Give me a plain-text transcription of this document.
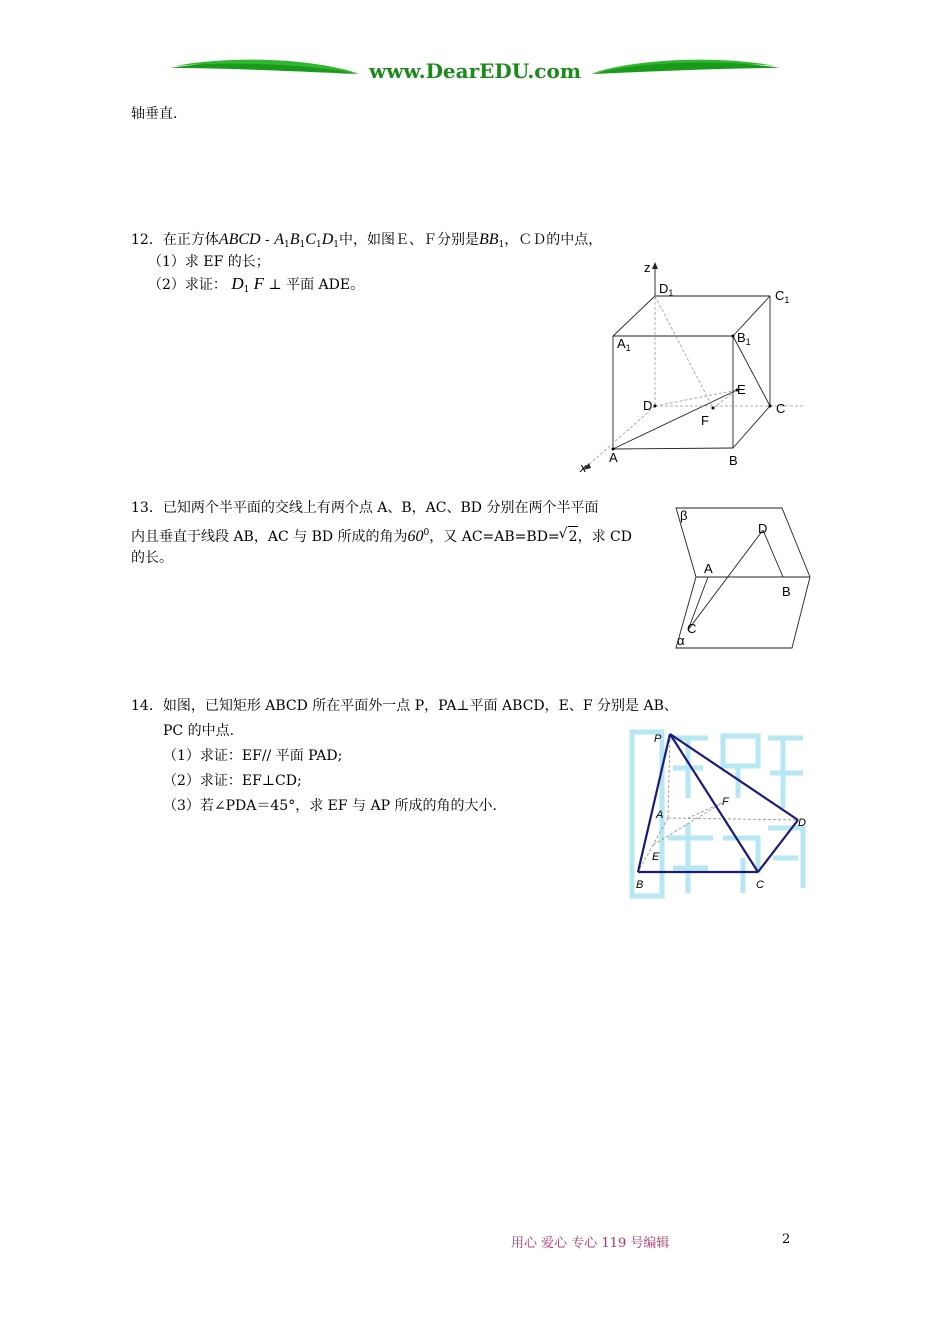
www.DearEDU.com
轴垂直.
12．在正方体ABCD - $A_1B_1C_1D_1$中，如图Ｅ、Ｆ分别是$BB_1$，ＣＤ的中点，
（1）求 EF 的长；
（2）求证： $D_1$ F ⊥ 平面 ADE。
z
$D_1$	$C_1$
$A_1$
$B_1$
E
D
F
C
A	B
x
13．已知两个半平面的交线上有两个点 A、B，AC、BD 分别在两个半平面
内且垂直于线段 AB，AC 与 BD 所成的角为$60^0$，又 AC=AB=BD= √ 2，求 CD
的长。
β
D
A
B
C
α
14．如图，已知矩形 ABCD 所在平面外一点 P，PA⊥平面 ABCD，E、F 分别是 AB、
PC 的中点.
（1）求证：EF// 平面 PAD;
（2）求证：EF⊥CD;
（3）若∠PDA＝45°，求 EF 与 AP 所成的角的大小.
P
A
D
B	C
E
F
用心 爱心 专心 119 号编辑	2
